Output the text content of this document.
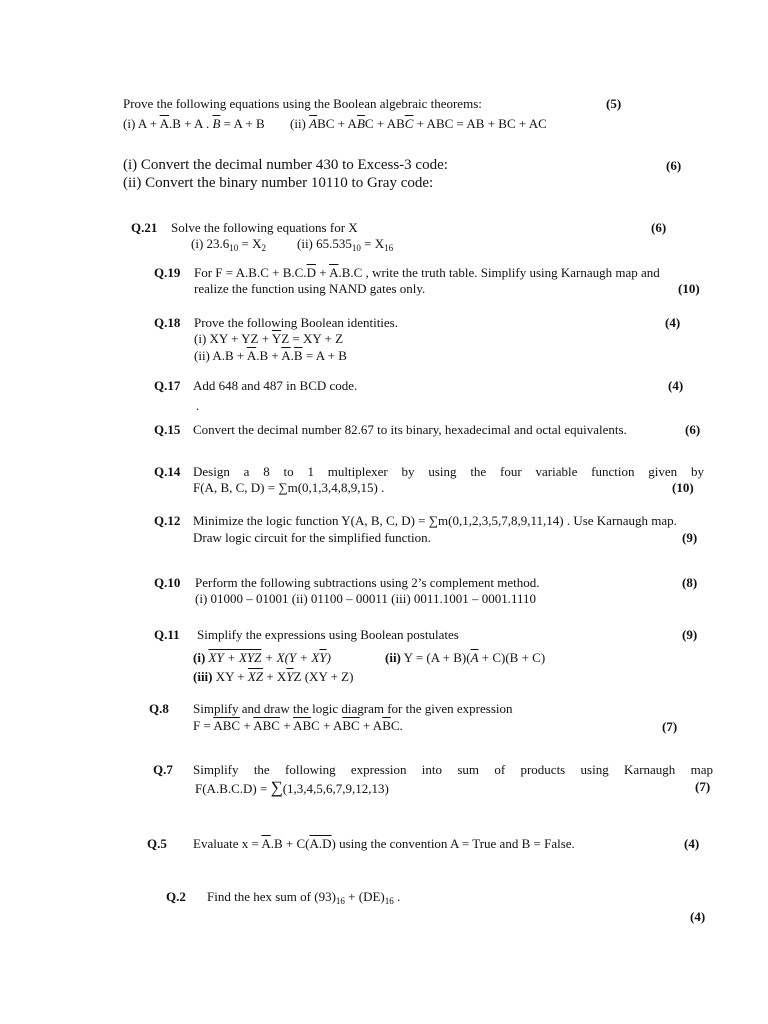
Prove the following equations using the Boolean algebraic theorems:	(5)
(i) $A + \overline{A}.B + A$ . $\overline{B} = A + B$ (ii) $\overline{A}BC + A\overline{B}C + AB\overline{C}$ + ABC = AB + BC + AC
(i) Convert the decimal number 430 to Excess-3 code:	(6)
(ii) Convert the binary number 10110 to Gray code:
Q.21 Solve the following equations for X	(6)
(i) $23.6_{10} = X_2$ (ii) $65.535_{10} = X_{16}$
Q.19 For $F = A.B.C + B.C.\overline{D} + \overline{A}.B.C$ , write the truth table. Simplify using Karnaugh map and
realize the function using NAND gates only.	(10)
Q.18 Prove the following Boolean identities.	(4)
(i) XY + YZ + $\overline{Y}Z$ = XY + Z
(ii) $A.B + \overline{A}.B + \overline{A}.\overline{B} = A + B$
Q.17 Add 648 and 487 in BCD code.	(4)
.
Q.15 Convert the decimal number 82.67 to its binary, hexadecimal and octal equivalents.	(6)
Q.14 Design a 8 to 1 multiplexer by using the four variable function given by
F(A, B, C, D) = ∑m(0,1,3,4,8,9,15) .	(10)
Q.12 Minimize the logic function Y(A, B, C, D) = ∑m(0,1,2,3,5,7,8,9,11,14) . Use Karnaugh map.
Draw logic circuit for the simplified function.	(9)
Q.10 Perform the following subtractions using 2’s complement method.	(8)
(i) 01000 – 01001 (ii) 01100 – 00011 (iii) 0011.1001 – 0001.1110
Q.11 Simplify the expressions using Boolean postulates	(9)
(i) XY + XYZ + $X(Y + X\overline{Y})$	(ii) $Y = (A + B)(\overline{A} + C)(B + C)$
(iii) XY + $\overline{XZ} + X\overline{Y}Z$ (XY + Z)
Q.8 Simplify and draw the logic diagram for the given expression
$F = \overline{ABC} + \overline{ABC} + \overline{A}\overline{B}C + A\overline{BC} + A\overline{B}C$.	(7)
Q.7 Simplify the following expression into sum of products using Karnaugh map
F(A.B.C.D) = ∑(1,3,4,5,6,7,9,12,13)	(7)
Q.5 Evaluate $x = \overline{A}.B + C(A.D)$ using the convention A = True and B = False.	(4)
Q.2 Find the hex sum of $(93)_{16} + (DE)_{16}$ .
(4)
